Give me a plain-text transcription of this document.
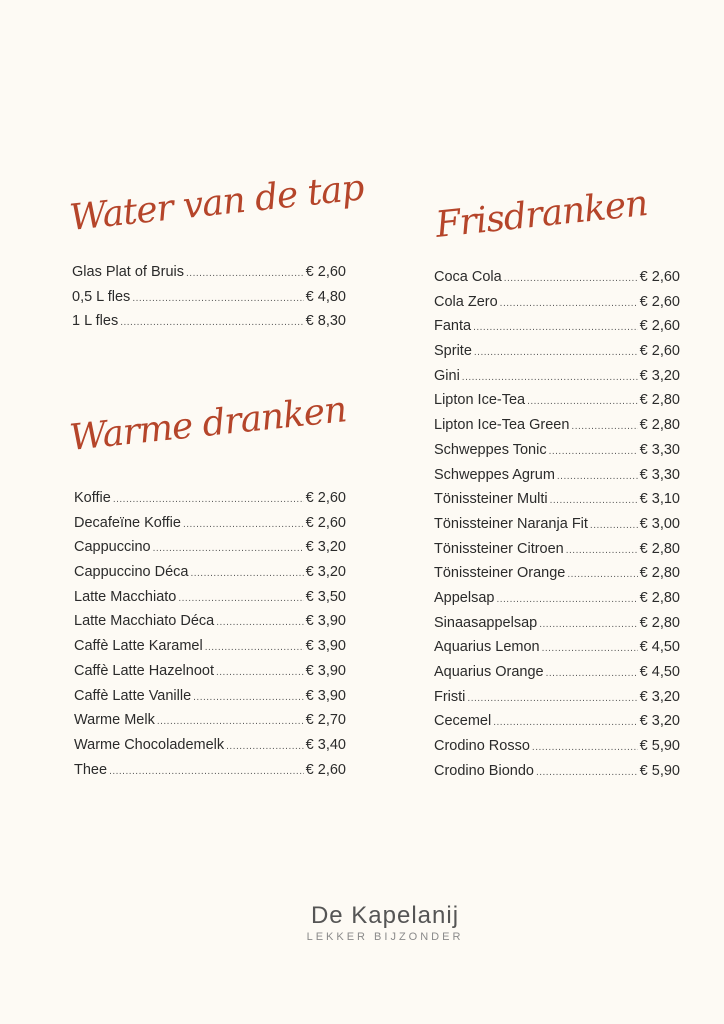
Water van de tap
Glas Plat of Bruis .....	€ 2,60
0,5 L fles .....	€ 4,80
1 L fles .....	€ 8,30
Warme dranken
Koffie .....	€ 2,60
Decafeïne Koffie .....	€ 2,60
Cappuccino .....	€ 3,20
Cappuccino Déca .....	€ 3,20
Latte Macchiato .....	€ 3,50
Latte Macchiato Déca .....	€ 3,90
Caffè Latte Karamel .....	€ 3,90
Caffè Latte Hazelnoot .....	€ 3,90
Caffè Latte Vanille .....	€ 3,90
Warme Melk .....	€ 2,70
Warme Chocolademelk .....	€ 3,40
Thee .....	€ 2,60
Frisdranken
Coca Cola .....	€ 2,60
Cola Zero .....	€ 2,60
Fanta .....	€ 2,60
Sprite .....	€ 2,60
Gini .....	€ 3,20
Lipton Ice-Tea .....	€ 2,80
Lipton Ice-Tea Green .....	€ 2,80
Schweppes Tonic .....	€ 3,30
Schweppes Agrum .....	€ 3,30
Tönissteiner Multi .....	€ 3,10
Tönissteiner Naranja Fit .....	€ 3,00
Tönissteiner Citroen .....	€ 2,80
Tönissteiner Orange .....	€ 2,80
Appelsap .....	€ 2,80
Sinaasappelsap .....	€ 2,80
Aquarius Lemon .....	€ 4,50
Aquarius Orange .....	€ 4,50
Fristi .....	€ 3,20
Cecemel .....	€ 3,20
Crodino Rosso .....	€ 5,90
Crodino Biondo .....	€ 5,90
De Kapelanij
LEKKER BIJZONDER
